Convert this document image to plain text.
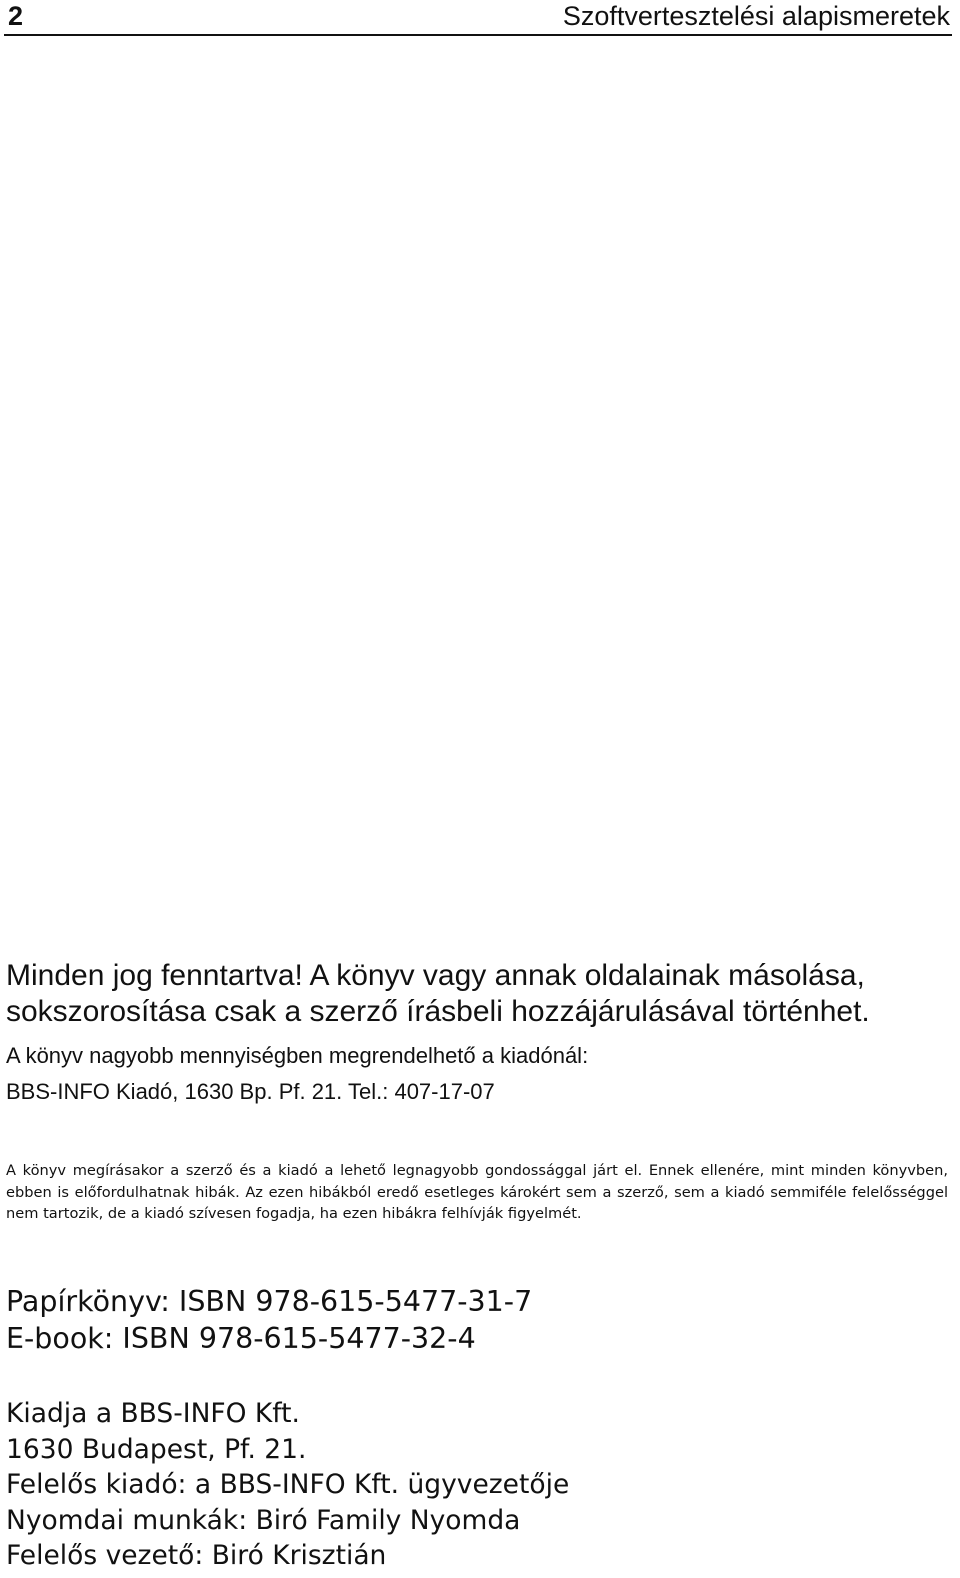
2	Szoftvertesztelési alapismeretek

Minden jog fenntartva! A könyv vagy annak oldalainak másolása,
sokszorosítása csak a szerző írásbeli hozzájárulásával történhet.

A könyv nagyobb mennyiségben megrendelhető a kiadónál:
BBS-INFO Kiadó, 1630 Bp. Pf. 21. Tel.: 407-17-07

A könyv megírásakor a szerző és a kiadó a lehető legnagyobb gondossággal járt el. Ennek ellenére, mint minden könyvben, ebben is előfordulhatnak hibák. Az ezen hibákból eredő esetleges károkért sem a szerző, sem a kiadó semmiféle felelősséggel nem tartozik, de a kiadó szívesen fogadja, ha ezen hibákra felhívják figyelmét.

Papírkönyv: ISBN 978-615-5477-31-7
E-book: ISBN 978-615-5477-32-4

Kiadja a BBS-INFO Kft.
1630 Budapest, Pf. 21.
Felelős kiadó: a BBS-INFO Kft. ügyvezetője
Nyomdai munkák: Biró Family Nyomda
Felelős vezető: Biró Krisztián
